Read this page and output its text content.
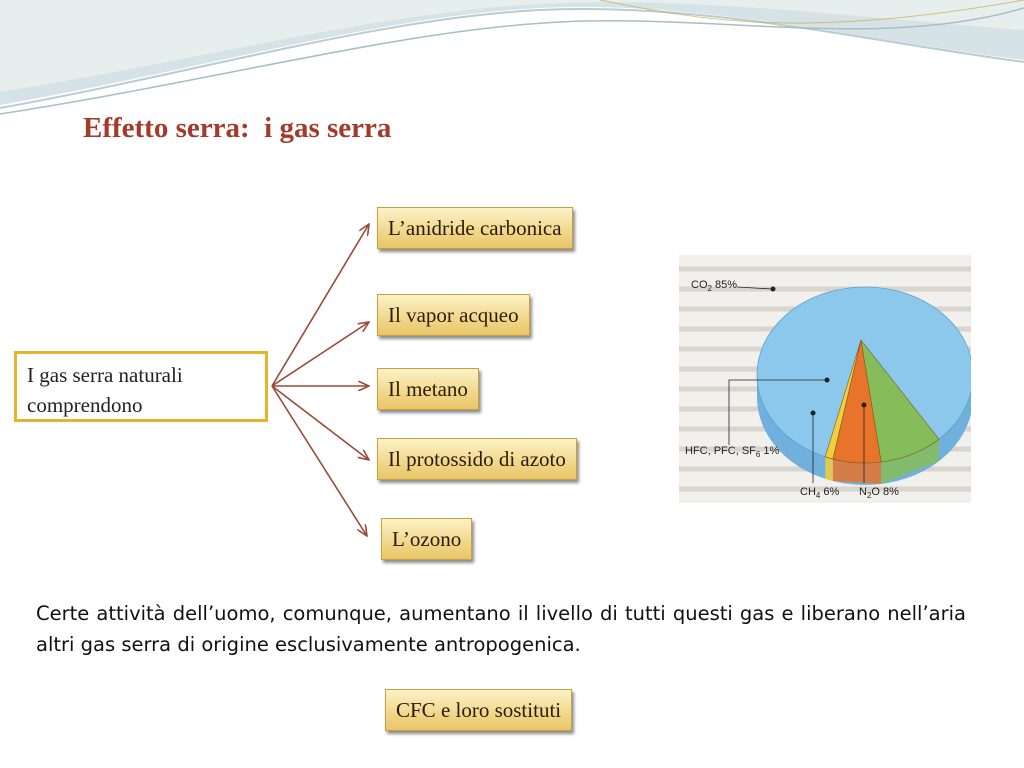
Effetto serra:  i gas serra
I gas serra naturali comprendono
L’anidride carbonica
Il vapor acqueo
Il metano
Il protossido di azoto
L’ozono
$CO_2$ 85%
HFC, PFC, $SF_6$ 1%
$CH_4$ 6% $N_2O$ 8%
Certe attività dell’uomo, comunque, aumentano il livello di tutti questi gas e liberano nell’aria altri gas serra di origine esclusivamente antropogenica.
CFC e loro sostituti
